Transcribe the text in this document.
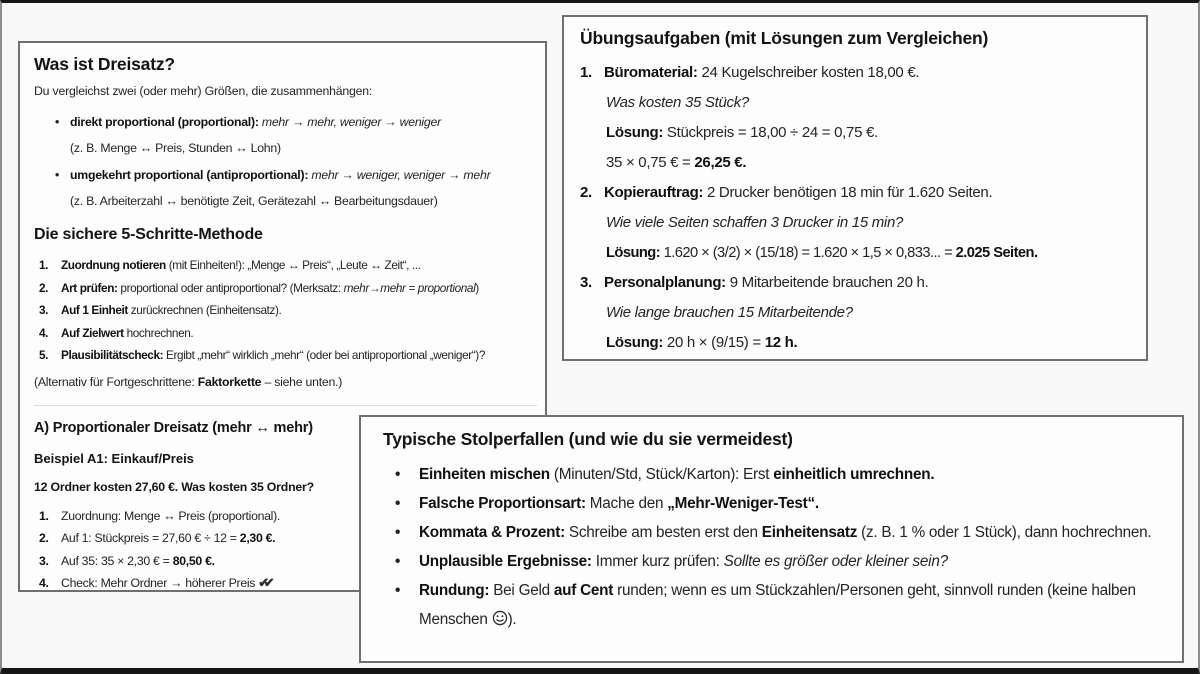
Was ist Dreisatz?

Du vergleichst zwei (oder mehr) Größen, die zusammenhängen:

• direkt proportional (proportional): mehr → mehr, weniger → weniger
(z. B. Menge ↔ Preis, Stunden ↔ Lohn)
• umgekehrt proportional (antiproportional): mehr → weniger, weniger → mehr
(z. B. Arbeiterzahl ↔ benötigte Zeit, Gerätezahl ↔ Bearbeitungsdauer)
Die sichere 5-Schritte-Methode
1.	Zuordnung notieren (mit Einheiten!): „Menge ↔ Preis“, „Leute ↔ Zeit“, ...
2.	Art prüfen: proportional oder antiproportional? (Merksatz: mehr→mehr = proportional)
3.	Auf 1 Einheit zurückrechnen (Einheitensatz).
4.	Auf Zielwert hochrechnen.
5.	Plausibilitätscheck: Ergibt „mehr“ wirklich „mehr“ (oder bei antiproportional „weniger“)?

(Alternativ für Fortgeschrittene: Faktorkette – siehe unten.)

A) Proportionaler Dreisatz (mehr ↔ mehr)
Beispiel A1: Einkauf/Preis

12 Ordner kosten 27,60 €. Was kosten 35 Ordner?

1.	Zuordnung: Menge ↔ Preis (proportional).
2.	Auf 1: Stückpreis = 27,60 € ÷ 12 = 2,30 €.
3.	Auf 35: 35 × 2,30 € = 80,50 €.
4.	Check: Mehr Ordner → höherer Preis ✔✔
Übungsaufgaben (mit Lösungen zum Vergleichen)
1. Büromaterial: 24 Kugelschreiber kosten 18,00 €.
Was kosten 35 Stück?
Lösung: Stückpreis = 18,00 ÷ 24 = 0,75 €.
35 × 0,75 € = 26,25 €.
2. Kopierauftrag: 2 Drucker benötigen 18 min für 1.620 Seiten.
Wie viele Seiten schaffen 3 Drucker in 15 min?
Lösung: 1.620 × (3/2) × (15/18) = 1.620 × 1,5 × 0,833... = 2.025 Seiten.
3. Personalplanung: 9 Mitarbeitende brauchen 20 h.
Wie lange brauchen 15 Mitarbeitende?
Lösung: 20 h × (9/15) = 12 h.
Typische Stolperfallen (und wie du sie vermeidest)
• Einheiten mischen (Minuten/Std, Stück/Karton): Erst einheitlich umrechnen.
• Falsche Proportionsart: Mache den „Mehr-Weniger-Test“.
• Kommata & Prozent: Schreibe am besten erst den Einheitensatz (z. B. 1 % oder 1 Stück), dann hochrechnen.
• Unplausible Ergebnisse: Immer kurz prüfen: Sollte es größer oder kleiner sein?
• Rundung: Bei Geld auf Cent runden; wenn es um Stückzahlen/Personen geht, sinnvoll runden (keine halben Menschen ).
